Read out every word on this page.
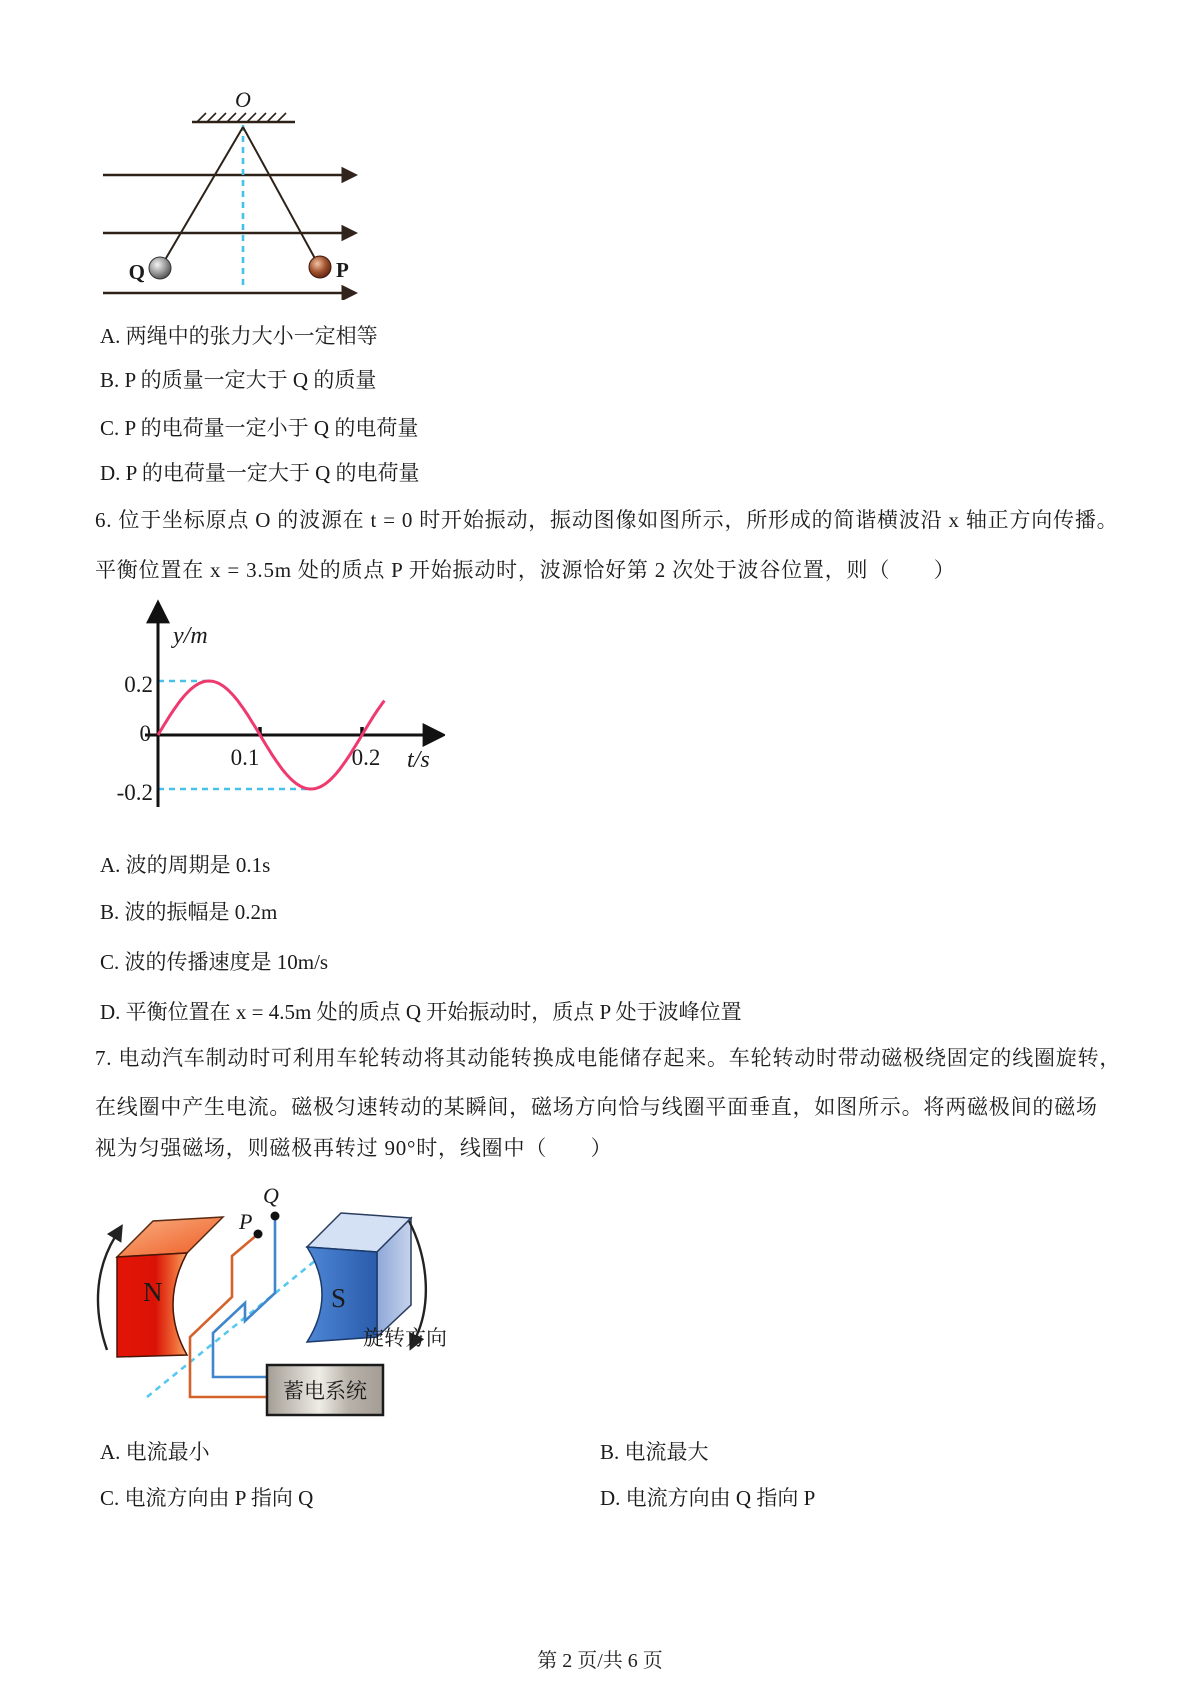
O
Q	P
A. 两绳中的张力大小一定相等
B. P 的质量一定大于 Q 的质量
C. P 的电荷量一定小于 Q 的电荷量
D. P 的电荷量一定大于 Q 的电荷量
6. 位于坐标原点 O 的波源在 t = 0 时开始振动，振动图像如图所示，所形成的简谐横波沿 x 轴正方向传播。
平衡位置在 x = 3.5m 处的质点 P 开始振动时，波源恰好第 2 次处于波谷位置，则（　　）
y/m
t/s
0.2
0
-0.2
0.1	0.2
A. 波的周期是 0.1s
B. 波的振幅是 0.2m
C. 波的传播速度是 10m/s
D. 平衡位置在 x = 4.5m 处的质点 Q 开始振动时，质点 P 处于波峰位置
7. 电动汽车制动时可利用车轮转动将其动能转换成电能储存起来。车轮转动时带动磁极绕固定的线圈旋转，
在线圈中产生电流。磁极匀速转动的某瞬间，磁场方向恰与线圈平面垂直，如图所示。将两磁极间的磁场
视为匀强磁场，则磁极再转过 90°时，线圈中（　　）
N	S
P
Q
旋转方向
蓄电系统
A. 电流最小	B. 电流最大
C. 电流方向由 P 指向 Q	D. 电流方向由 Q 指向 P
第 2 页/共 6 页
